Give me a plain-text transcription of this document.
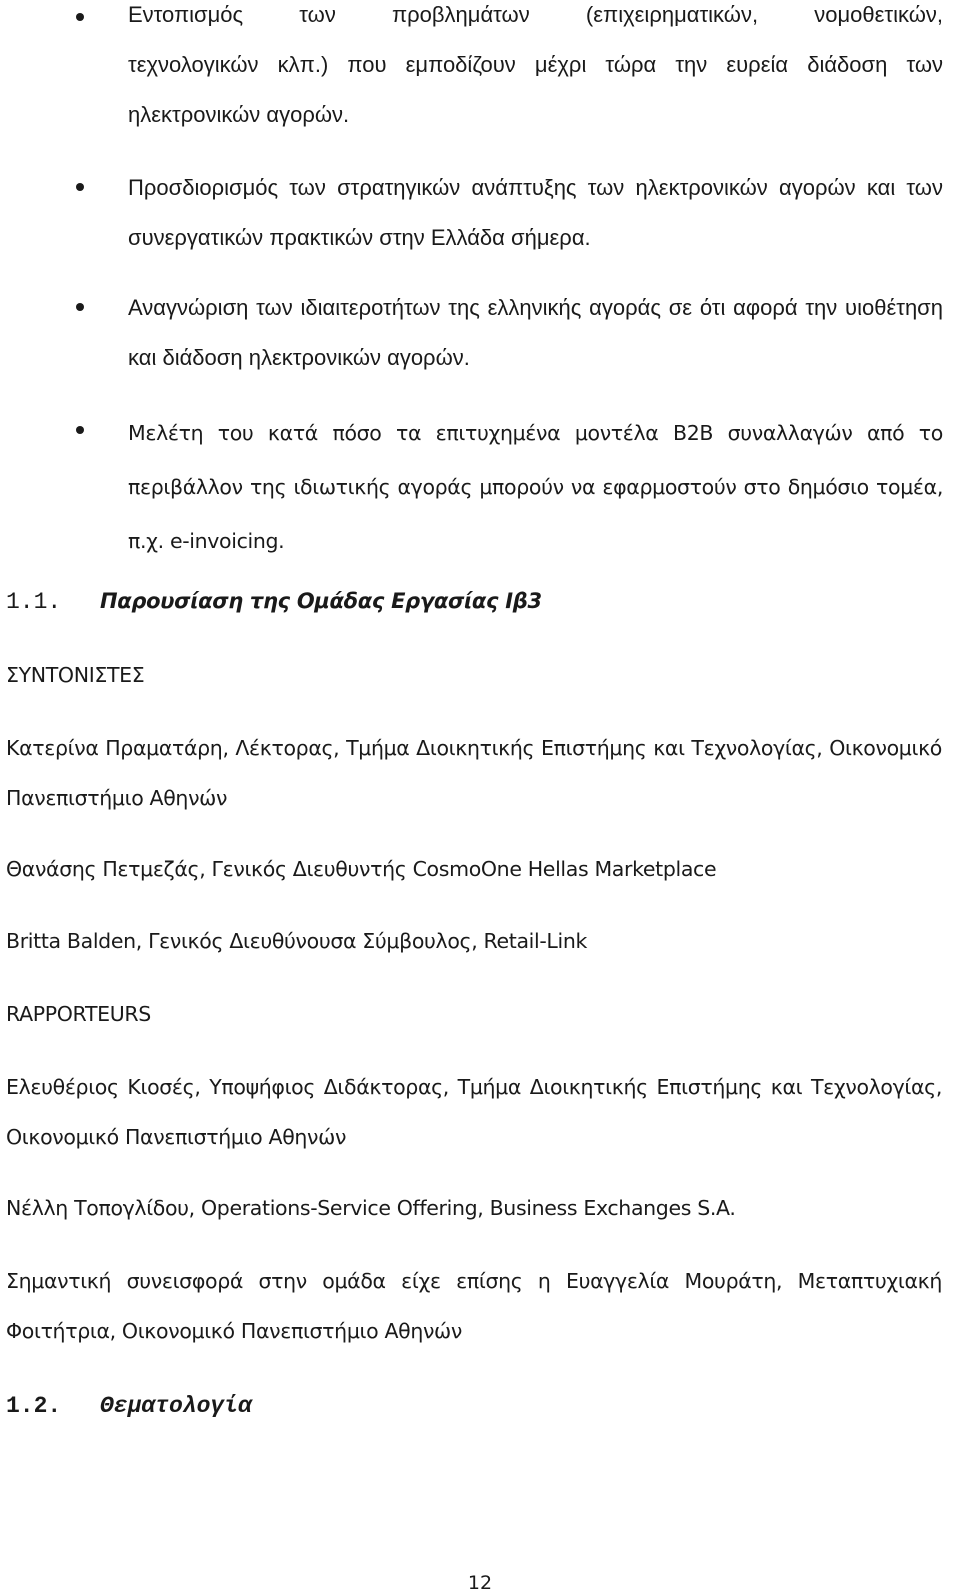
Εντοπισμός των προβλημάτων (επιχειρηματικών, νομοθετικών,

τεχνολογικών κλπ.) που εμποδίζουν μέχρι τώρα την ευρεία διάδοση των ηλεκτρονικών αγορών.

Προσδιορισμός των στρατηγικών ανάπτυξης των ηλεκτρονικών αγορών και των συνεργατικών πρακτικών στην Ελλάδα σήμερα.

Αναγνώριση των ιδιαιτεροτήτων της ελληνικής αγοράς σε ότι αφορά την υιοθέτηση και διάδοση ηλεκτρονικών αγορών.

Μελέτη του κατά πόσο τα επιτυχημένα μοντέλα Β2Β συναλλαγών από το περιβάλλον της ιδιωτικής αγοράς μπορούν να εφαρμοστούν στο δημόσιο τομέα, π.χ. e-invoicing.

1.1. Παρουσίαση της Ομάδας Εργασίας Ιβ3

ΣΥΝΤΟΝΙΣΤΕΣ

Κατερίνα Πραματάρη, Λέκτορας, Τμήμα Διοικητικής Επιστήμης και Τεχνολογίας, Οικονομικό Πανεπιστήμιο Αθηνών

Θανάσης Πετμεζάς, Γενικός Διευθυντής CosmoOne Hellas Marketplace

Britta Balden, Γενικός Διευθύνουσα Σύμβουλος, Retail-Link

RAPPORTEURS

Ελευθέριος Κιοσές, Υποψήφιος Διδάκτορας, Τμήμα Διοικητικής Επιστήμης και Τεχνολογίας, Οικονομικό Πανεπιστήμιο Αθηνών

Νέλλη Τοπογλίδου, Operations-Service Offering, Business Exchanges S.A.

Σημαντική συνεισφορά στην ομάδα είχε επίσης η Ευαγγελία Μουράτη, Μεταπτυχιακή Φοιτήτρια, Οικονομικό Πανεπιστήμιο Αθηνών

1.2. Θεματολογία

12
